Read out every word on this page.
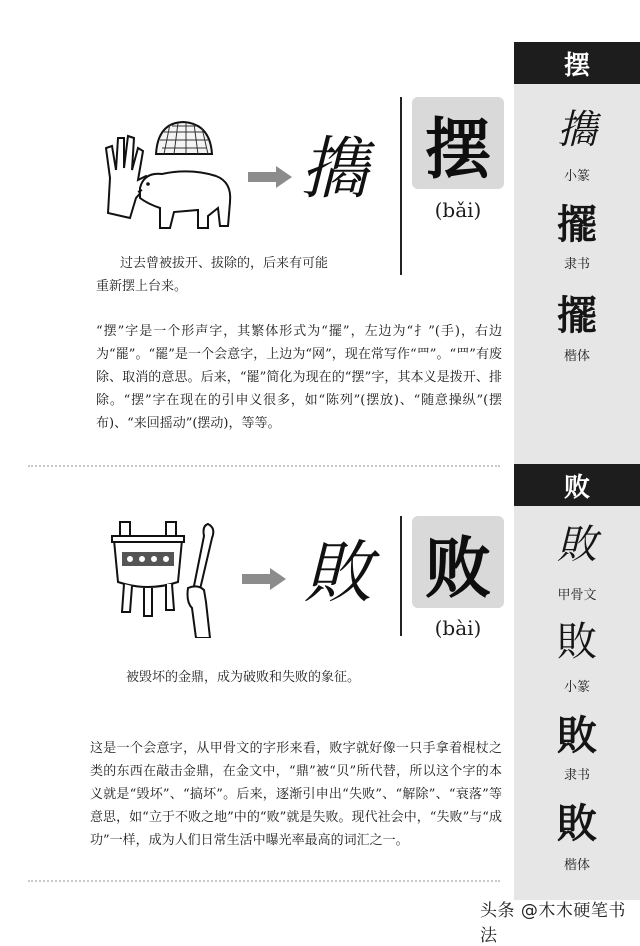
摆
㩦
小篆
擺
隶书
擺
楷体
败
敗
甲骨文
敗
小篆
敗
隶书
敗
楷体
㩦 摆
(bǎi)
过去曾被拔开、拔除的，后来有可能
重新摆上台来。
“摆”字是一个形声字，其繁体形式为“擺”，左边为“扌”(手)，右边为“罷”。“罷”是一个会意字，上边为“网”，现在常写作“罒”。“罒”有废除、取消的意思。后来，“罷”简化为现在的“摆”字，其本义是拨开、排除。“摆”字在现在的引申义很多，如“陈列”(摆放)、“随意操纵”(摆布)、“来回摇动”(摆动)，等等。
敗 败
(bài)
被毁坏的金鼎，成为破败和失败的象征。
这是一个会意字，从甲骨文的字形来看，败字就好像一只手拿着棍杖之类的东西在敲击金鼎，在金文中，“鼎”被“贝”所代替，所以这个字的本义就是“毁坏”、“搞坏”。后来，逐渐引申出“失败”、“解除”、“衰落”等意思，如“立于不败之地”中的“败”就是失败。现代社会中，“失败”与“成功”一样，成为人们日常生活中曝光率最高的词汇之一。
头条 @木木硬笔书法
